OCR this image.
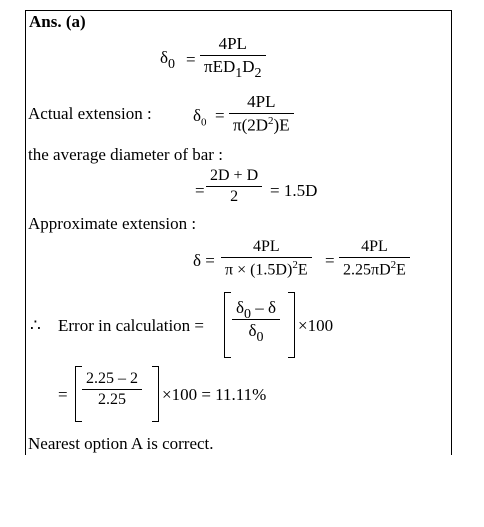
Ans. (a)
$\delta_0$ =
4PL
$\pi ED_1D_2$
Actual extension : $\delta_0$ =
4PL
$\pi(2D^2)E$
the average diameter of bar :
=
2D + D
2 = 1.5D
Approximate extension :
δ =
4PL
$\pi \times (1.5D)^2E$ =
4PL
$2.25\pi D^2E$
∴ Error in calculation =
$\delta_0$ – δ
$\delta_0$
×100
=
2.25 – 2
2.25 ×100 = 11.11%
Nearest option A is correct.
